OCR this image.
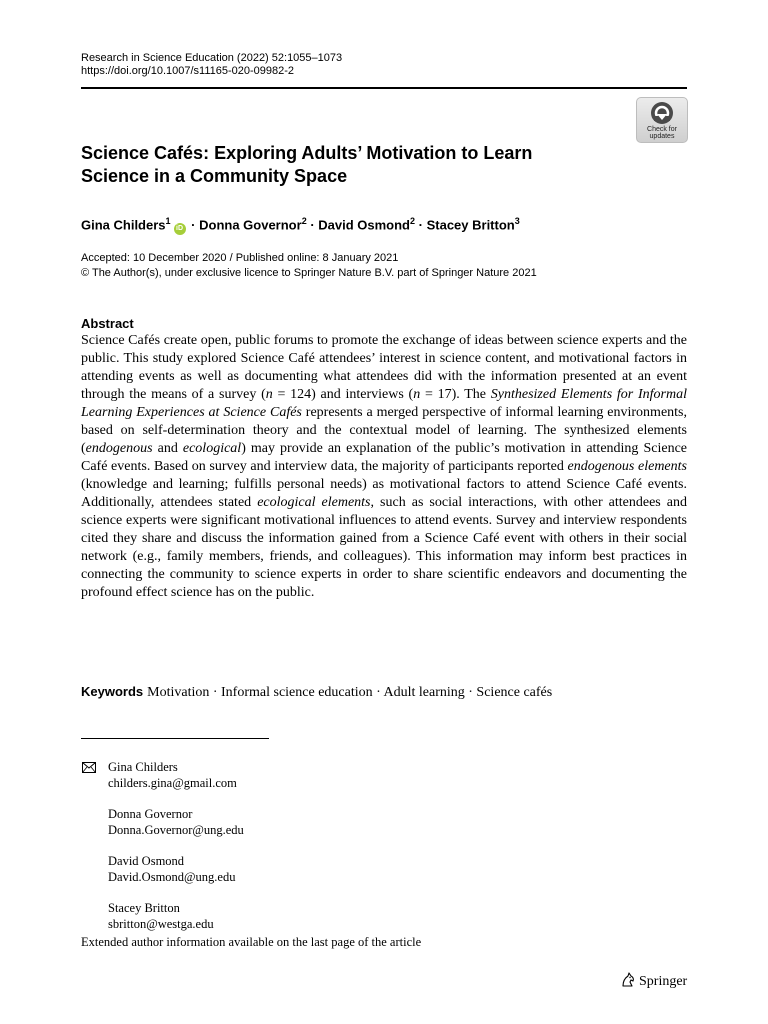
Research in Science Education (2022) 52:1055–1073
https://doi.org/10.1007/s11165-020-09982-2
Check for
updates
Science Cafés: Exploring Adults’ Motivation to Learn
Science in a Community Space
Gina Childers$^1$iD · Donna Governor$^2$ · David Osmond$^2$ · Stacey Britton$^3$
Accepted: 10 December 2020 / Published online: 8 January 2021
© The Author(s), under exclusive licence to Springer Nature B.V. part of Springer Nature 2021
Abstract
Science Cafés create open, public forums to promote the exchange of ideas between science experts and the public. This study explored Science Café attendees’ interest in science content, and motivational factors in attending events as well as documenting what attendees did with the information presented at an event through the means of a survey (n = 124) and interviews (n = 17). The Synthesized Elements for Informal Learning Experiences at Science Cafés represents a merged perspective of informal learning environments, based on self-determination theory and the contextual model of learning. The synthesized elements (endogenous and ecological) may provide an explanation of the public’s motivation in attending Science Café events. Based on survey and interview data, the majority of participants reported endogenous elements (knowledge and learning; fulfills personal needs) as motivational factors to attend Science Café events. Additionally, attendees stated ecological elements, such as social interactions, with other attendees and science experts were significant motivational influences to attend events. Survey and interview respondents cited they share and discuss the information gained from a Science Café event with others in their social network (e.g., family members, friends, and colleagues). This information may inform best practices in connecting the community to science experts in order to share scientific endeavors and documenting the profound effect science has on the public.
Keywords Motivation · Informal science education · Adult learning · Science cafés
Gina Childers
childers.gina@gmail.com
Donna Governor
Donna.Governor@ung.edu
David Osmond
David.Osmond@ung.edu
Stacey Britton
sbritton@westga.edu
Extended author information available on the last page of the article
Springer
